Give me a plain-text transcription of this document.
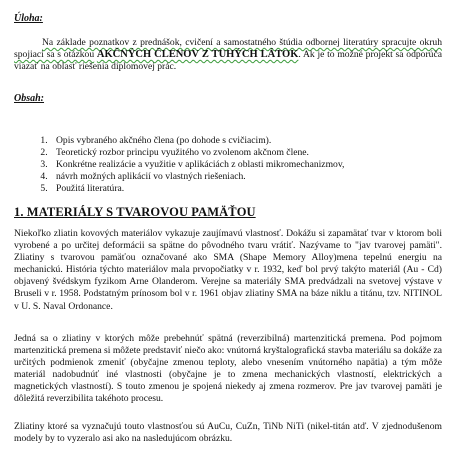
Úloha:
Na základe poznatkov z prednášok, cvičení a samostatného štúdia odbornej literatúry spracujte okruh spojiaci sa s otázkou AKČNÝCH ČLENOV Z TUHÝCH LÁTOK. Ak je to možné projekt sa odporúča viazať na oblasť riešenia diplomovej prác.
Obsah:
1. Opis vybraného akčného člena (po dohode s cvičiacim).
2. Teoretický rozbor principu využitého vo zvolenom akčnom člene.
3. Konkrétne realizácie a využitie v aplikáciách z oblasti mikromechanizmov,
4. návrh možných aplikácií vo vlastných riešeniach.
5. Použitá literatúra.
1. MATERIÁLY S TVAROVOU PAMÄŤOU
Niekoľko zliatin kovových materiálov vykazuje zaujímavú vlastnosť. Dokážu si zapamätať tvar v ktorom boli vyrobené a po určitej deformácii sa spätne do pôvodného tvaru vrátiť. Nazývame to "jav tvarovej pamäti". Zliatiny s tvarovou pamäťou označované ako SMA (Shape Memory Alloy)mena tepelnú energiu na mechanickú. História týchto materiálov mala prvopočiatky v r. 1932, keď bol prvý takýto materiál (Au - Cd) objavený švédskym fyzikom Arne Olanderom. Verejne sa materiály SMA predvádzali na svetovej výstave v Bruseli v r. 1958. Podstatným prínosom bol v r. 1961 objav zliatiny SMA na báze niklu a titánu, tzv. NITINOL v U. S. Naval Ordonance.
Jedná sa o zliatiny v ktorých môže prebehnúť spätná (reverzibilná) martenzitická premena. Pod pojmom martenzitická premena si môžete predstaviť niečo ako: vnútorná kryštalografická stavba materiálu sa dokáže za určitých podmienok zmeniť (obyčajne zmenou teploty, alebo vnesením vnútorného napätia) a tým môže materiál nadobudnúť iné vlastnosti (obyčajne je to zmena mechanických vlastností, elektrických a magnetických vlastností). S touto zmenou je spojená niekedy aj zmena rozmerov. Pre jav tvarovej pamäti je dôležitá reverzibilita takéhoto procesu.
Zliatiny ktoré sa vyznačujú touto vlastnosťou sú AuCu, CuZn, TiNb NiTi (nikel-titán atď. V zjednodušenom modely by to vyzeralo asi ako na nasledujúcom obrázku.
